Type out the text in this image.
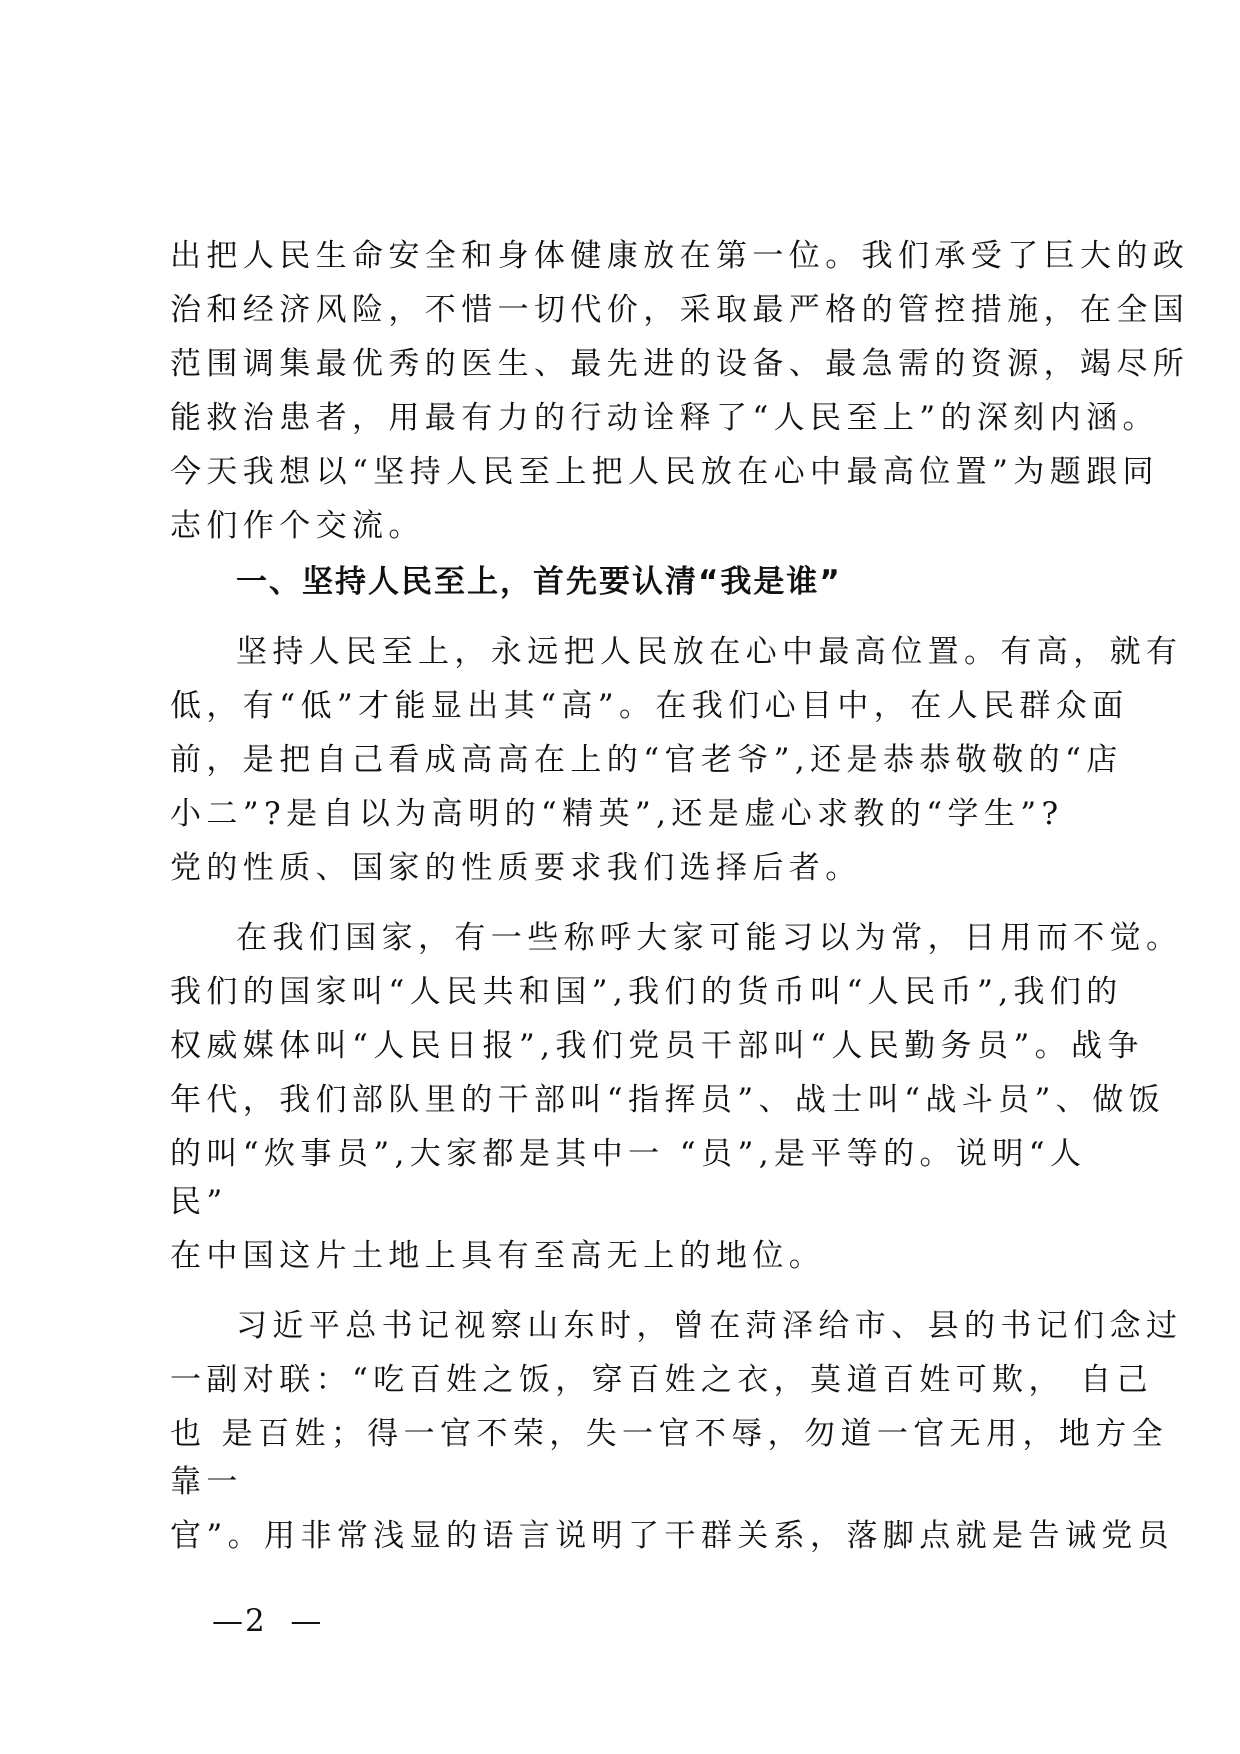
出把人民生命安全和身体健康放在第一位。我们承受了巨大的政
治和经济风险，不惜一切代价，采取最严格的管控措施，在全国
范围调集最优秀的医生、最先进的设备、最急需的资源，竭尽所
能救治患者，用最有力的行动诠释了“人民至上”的深刻内涵。
今天我想以“坚持人民至上把人民放在心中最高位置”为题跟同
志们作个交流。
一、坚持人民至上，首先要认清“我是谁”
坚持人民至上，永远把人民放在心中最高位置。有高，就有
低，有“低”才能显出其“高”。在我们心目中，在人民群众面
前，是把自己看成高高在上的“官老爷”,还是恭恭敬敬的“店
小二”?是自以为高明的“精英”,还是虚心求教的“学生”?
党的性质、国家的性质要求我们选择后者。
在我们国家，有一些称呼大家可能习以为常，日用而不觉。
我们的国家叫“人民共和国”,我们的货币叫“人民币”,我们的
权威媒体叫“人民日报”,我们党员干部叫“人民勤务员”。战争
年代，我们部队里的干部叫“指挥员”、战士叫“战斗员”、做饭
的叫“炊事员”,大家都是其中一 “员”,是平等的。说明“人
民”
在中国这片土地上具有至高无上的地位。
习近平总书记视察山东时，曾在菏泽给市、县的书记们念过
一副对联：“吃百姓之饭，穿百姓之衣，莫道百姓可欺， 自己
也 是百姓；得一官不荣，失一官不辱，勿道一官无用，地方全
靠一
官”。用非常浅显的语言说明了干群关系，落脚点就是告诫党员
—2  —
